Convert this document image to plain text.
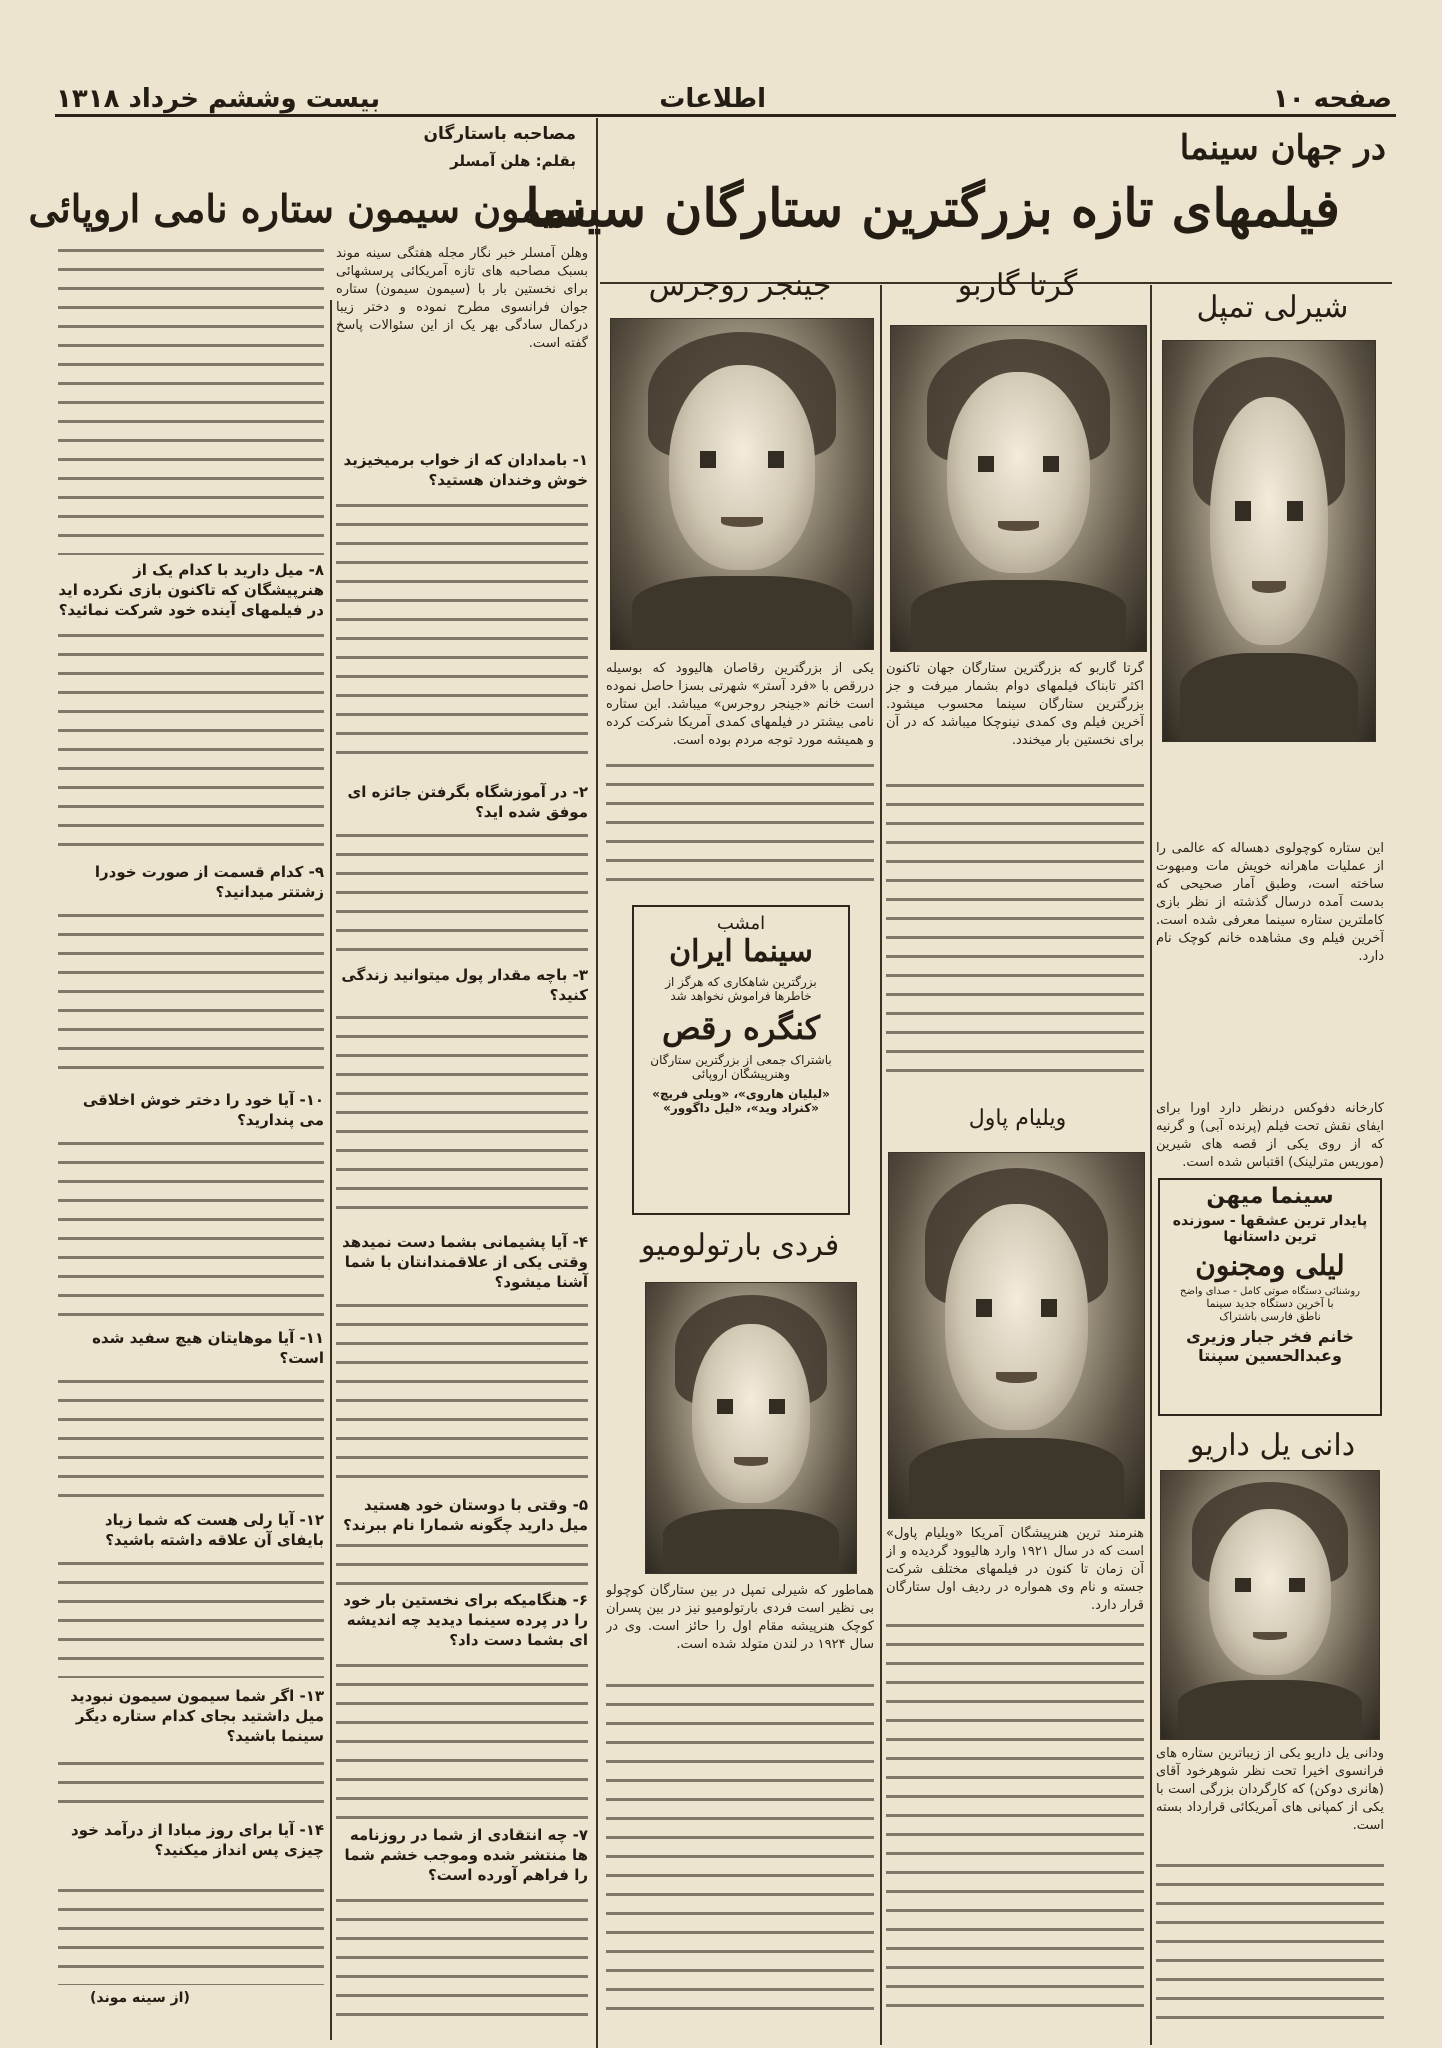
صفحه ۱۰
اطلاعات
بیست وششم خرداد ۱۳۱۸
در جهان سینما
فیلمهای تازه بزرگترین ستارگان سینما
شیرلی تمپل
گرتا گاربو
جینجر روجرس
فردی بارتولومیو
ویلیام پاول
دانی یل داریو
این ستاره کوچولوی دهساله که عالمی را از عملیات ماهرانه خویش مات ومبهوت ساخته است، وطبق آمار صحیحی که بدست آمده درسال گذشته از نظر بازی کاملترین ستاره سینما معرفی شده است. آخرین فیلم وی مشاهده خانم کوچک نام دارد.
کارخانه دفوکس درنظر دارد اورا برای ایفای نقش تحت فیلم (پرنده آبی) و گرنیه که از روی یکی از قصه های شیرین (موریس مترلینک) اقتباس شده است.
گرتا گاربو که بزرگترین ستارگان جهان تاکنون اکثر تابناک فیلمهای دوام بشمار میرفت و جز بزرگترین ستارگان سینما محسوب میشود. آخرین فیلم وی کمدی نینوچکا میباشد که در آن برای نخستین بار میخندد.
یکی از بزرگترین رقاصان هالیوود که بوسیله دررقص با «فرد آستر» شهرتی بسزا حاصل نموده است خانم «جینجر روجرس» میباشد. این ستاره نامی بیشتر در فیلمهای کمدی آمریکا شرکت کرده و همیشه مورد توجه مردم بوده است.
هنرمند ترین هنرپیشگان آمریکا «ویلیام پاول» است که در سال ۱۹۲۱ وارد هالیوود گردیده و از آن زمان تا کنون در فیلمهای مختلف شرکت جسته و نام وی همواره در ردیف اول ستارگان قرار دارد.
هماطور که شیرلی تمپل در بین ستارگان کوچولو بی نظیر است فردی بارتولومیو نیز در بین پسران کوچک هنرپیشه مقام اول را حائز است. وی در سال ۱۹۲۴ در لندن متولد شده است.
ودانی یل داریو یکی از زیباترین ستاره های فرانسوی اخیرا تحت نظر شوهرخود آقای (هانری دوکن) که کارگردان بزرگی است با یکی از کمپانی های آمریکائی قرارداد بسته است.
امشب
سینما ایران
بزرگترین شاهکاری که هرگز از
خاطرها فراموش نخواهد شد
کنگره رقص
باشتراک جمعی از بزرگترین ستارگان
وهنرپیشگان اروپائی
«لیلیان هاروی»، «ویلی فریچ»
«کنراد وید»، «لیل داگوور»
سینما میهن
پایدار ترین عشقها - سوزنده
ترین داستانها
لیلی ومجنون
روشنائی دستگاه صوتی کامل - صدای واضح
با آخرین دستگاه جدید سینما
ناطق فارسی باشتراک
خانم فخر جبار وزیری
وعبدالحسین سپنتا
مصاحبه باستارگان
بقلم: هلن آمسلر
سیمون سیمون ستاره نامی اروپائی
وهلن آمسلر خبر نگار مجله هفتگی سینه موند بسبک مصاحبه های تازه آمریکائی پرسشهائی برای نخستین بار با (سیمون سیمون) ستاره جوان فرانسوی مطرح نموده و دختر زیبا درکمال سادگی بهر یک از این سئوالات پاسخ گفته است.
۱- بامدادان که از خواب برمیخیزید خوش وخندان هستید؟
۲- در آموزشگاه بگرفتن جائزه ای موفق شده اید؟
۳- باچه مقدار پول میتوانید زندگی کنید؟
۴- آیا پشیمانی بشما دست نمیدهد وقتی یکی از علاقمندانتان با شما آشنا میشود؟
۵- وقتی با دوستان خود هستید میل دارید چگونه شمارا نام ببرند؟
۶- هنگامیکه برای نخستین بار خود را در پرده سینما دیدید چه اندیشه ای بشما دست داد؟
۷- چه انتقادی از شما در روزنامه ها منتشر شده وموجب خشم شما را فراهم آورده است؟
۸- میل دارید با کدام یک از هنرپیشگان که تاکنون بازی نکرده اید در فیلمهای آینده خود شرکت نمائید؟
۹- کدام قسمت از صورت خودرا زشتتر میدانید؟
۱۰- آیا خود را دختر خوش اخلاقی می پندارید؟
۱۱- آیا موهایتان هیچ سفید شده است؟
۱۲- آیا رلی هست که شما زیاد بایفای آن علاقه داشته باشید؟
۱۳- اگر شما سیمون سیمون نبودید میل داشتید بجای کدام ستاره دیگر سینما باشید؟
۱۴- آیا برای روز مبادا از درآمد خود چیزی پس انداز میکنید؟
(از سینه موند)
